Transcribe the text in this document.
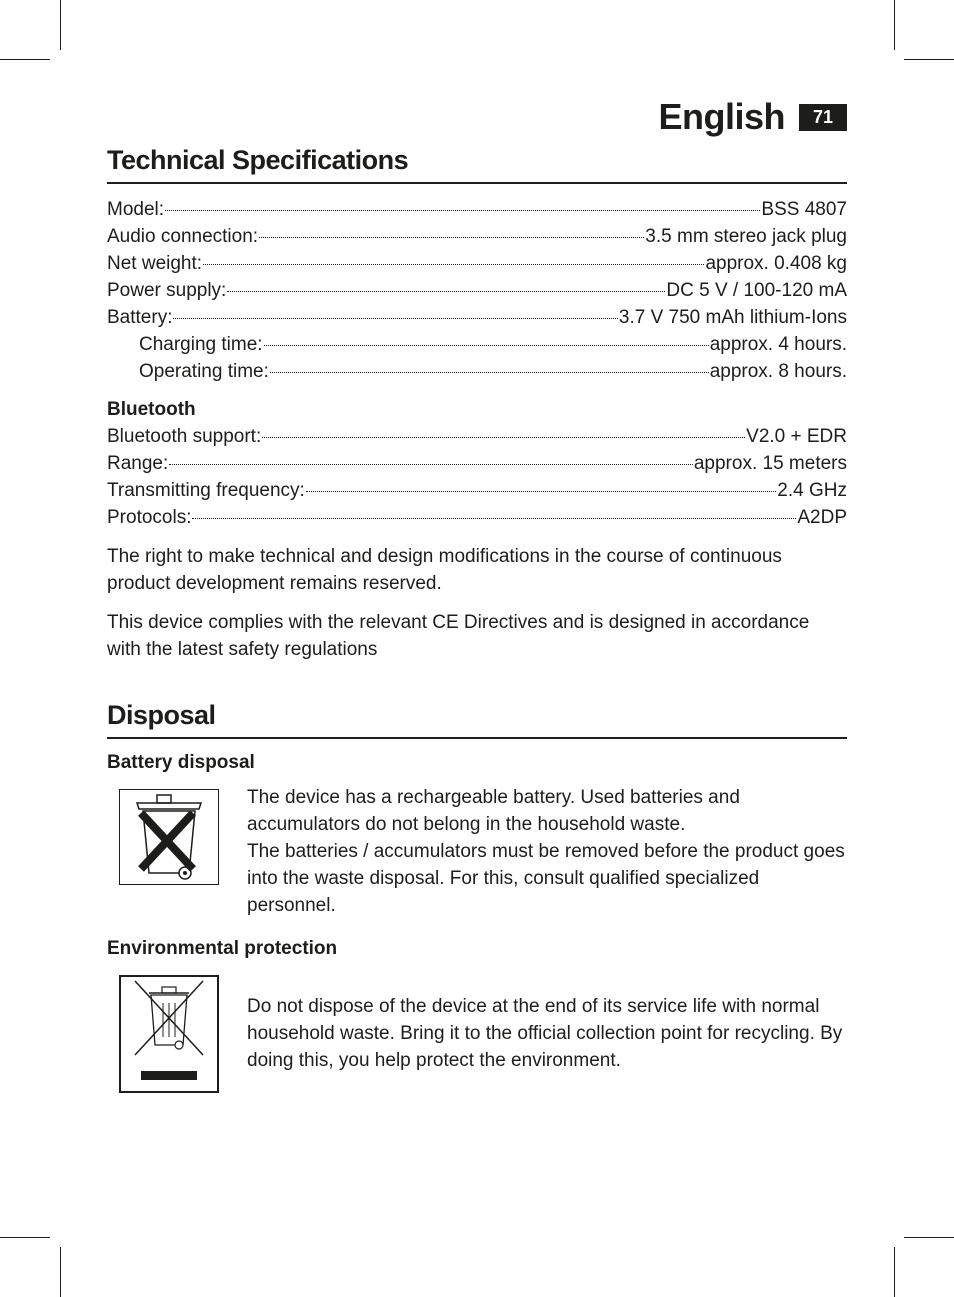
English	71
Technical Specifications
Model:	BSS 4807
Audio connection:	3.5 mm stereo jack plug
Net weight:	approx. 0.408 kg
Power supply:	DC 5 V / 100-120 mA
Battery:	3.7 V 750 mAh lithium-Ions
Charging time:	approx. 4 hours.
Operating time:	approx. 8 hours.
Bluetooth
Bluetooth support:	V2.0 + EDR
Range:	approx. 15 meters
Transmitting frequency:	2.4 GHz
Protocols:	A2DP

The right to make technical and design modifications in the course of continuous product development remains reserved.

This device complies with the relevant CE Directives and is designed in accordance with the latest safety regulations

Disposal
Battery disposal

The device has a rechargeable battery. Used batteries and accumulators do not belong in the household waste.

The batteries / accumulators must be removed before the product goes into the waste disposal. For this, consult qualified specialized personnel.

Environmental protection

Do not dispose of the device at the end of its service life with normal household waste. Bring it to the official collection point for recycling. By doing this, you help protect the environment.
